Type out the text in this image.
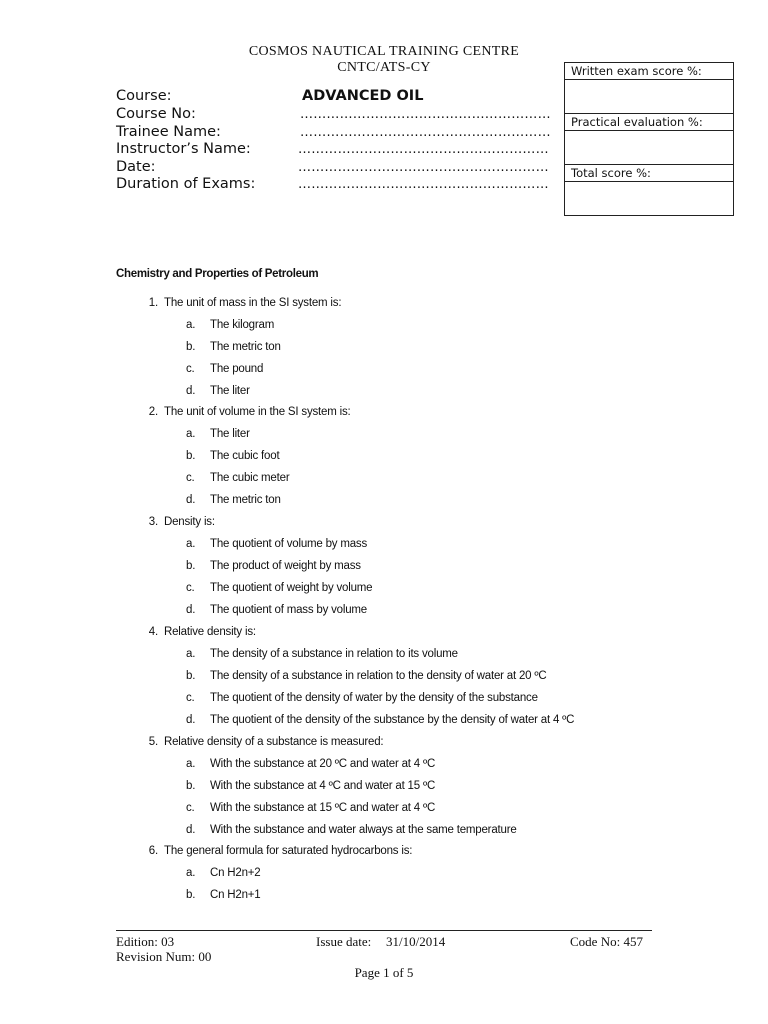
COSMOS NAUTICAL TRAINING CENTRE
CNTC/ATS-CY
Course:	ADVANCED OIL
Course No:	…………………………………………………
Trainee Name:	…………………………………………………
Instructor’s Name:	…………………………………………………
Date:	…………………………………………………
Duration of Exams:	…………………………………………………
Written exam score %:
Practical evaluation %:
Total score %:
Chemistry and Properties of Petroleum
1. The unit of mass in the SI system is:
a.	The kilogram
b.	The metric ton
c.	The pound
d.	The liter
2. The unit of volume in the SI system is:
a.	The liter
b.	The cubic foot
c.	The cubic meter
d.	The metric ton
3. Density is:
a.	The quotient of volume by mass
b.	The product of weight by mass
c.	The quotient of weight by volume
d.	The quotient of mass by volume
4. Relative density is:
a.	The density of a substance in relation to its volume
b.	The density of a substance in relation to the density of water at 20 ºC
c.	The quotient of the density of water by the density of the substance
d.	The quotient of the density of the substance by the density of water at 4 ºC
5. Relative density of a substance is measured:
a.	With the substance at 20 ºC and water at 4 ºC
b.	With the substance at 4 ºC and water at 15 ºC
c.	With the substance at 15 ºC and water at 4 ºC
d.	With the substance and water always at the same temperature
6. The general formula for saturated hydrocarbons is:
a.	Cn H2n+2
b.	Cn H2n+1
Edition: 03
Revision Num: 00
Issue date: 31/10/2014	Code No: 457
Page 1 of 5
